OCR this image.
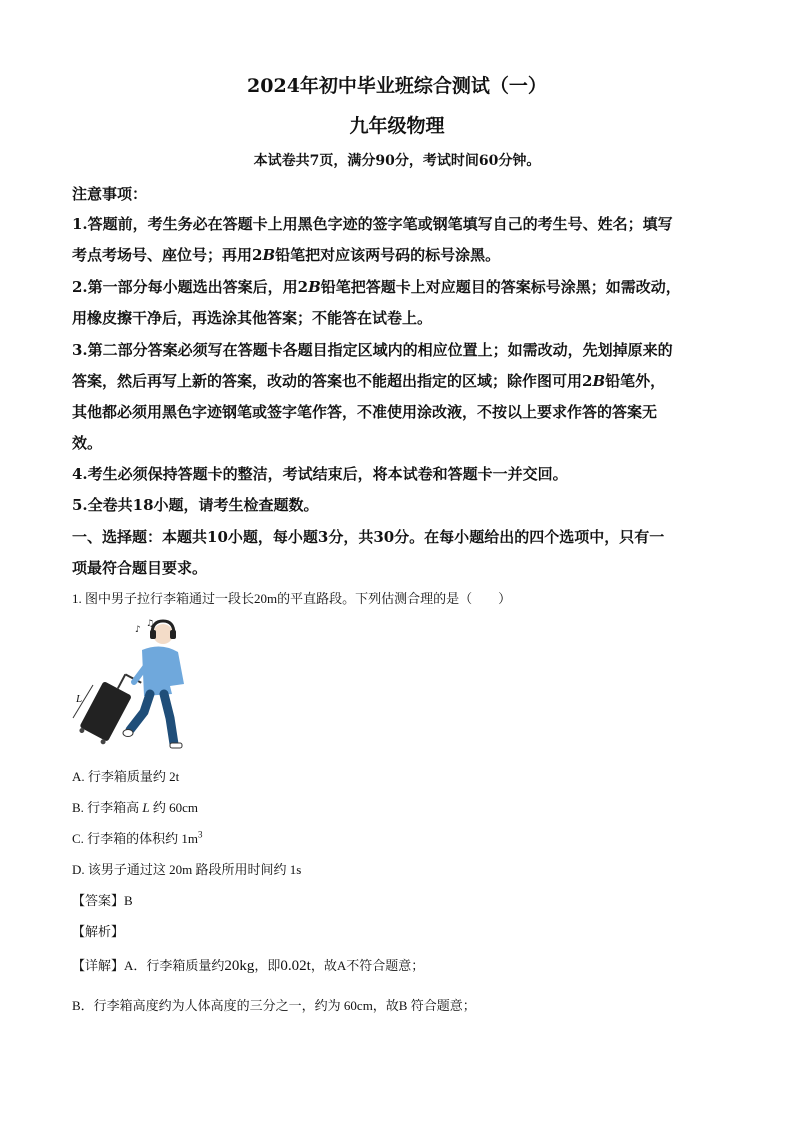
2024年初中毕业班综合测试（一）
九年级物理
本试卷共7页，满分90分，考试时间60分钟。
注意事项：
1.答题前，考生务必在答题卡上用黑色字迹的签字笔或钢笔填写自己的考生号、姓名；填写
考点考场号、座位号；再用2B铅笔把对应该两号码的标号涂黑。
2.第一部分每小题选出答案后，用2B铅笔把答题卡上对应题目的答案标号涂黑；如需改动，
用橡皮擦干净后，再选涂其他答案；不能答在试卷上。
3.第二部分答案必须写在答题卡各题目指定区域内的相应位置上；如需改动，先划掉原来的
答案，然后再写上新的答案，改动的答案也不能超出指定的区域；除作图可用2B铅笔外，
其他都必须用黑色字迹钢笔或签字笔作答，不准使用涂改液，不按以上要求作答的答案无
效。
4.考生必须保持答题卡的整洁，考试结束后，将本试卷和答题卡一并交回。
5.全卷共18小题，请考生检查题数。
一、选择题：本题共10小题，每小题3分，共30分。在每小题给出的四个选项中，只有一
项最符合题目要求。
1. 图中男子拉行李箱通过一段长20m的平直路段。下列估测合理的是（　　）
♪
♫
L
A. 行李箱质量约 2t
B. 行李箱高 L 约 60cm
C. 行李箱的体积约 $1m^3$
D. 该男子通过这 20m 路段所用时间约 1s
【答案】B
【解析】
【详解】A．行李箱质量约20kg，即0.02t，故A不符合题意；
B．行李箱高度约为人体高度的三分之一，约为 60cm，故B 符合题意；
